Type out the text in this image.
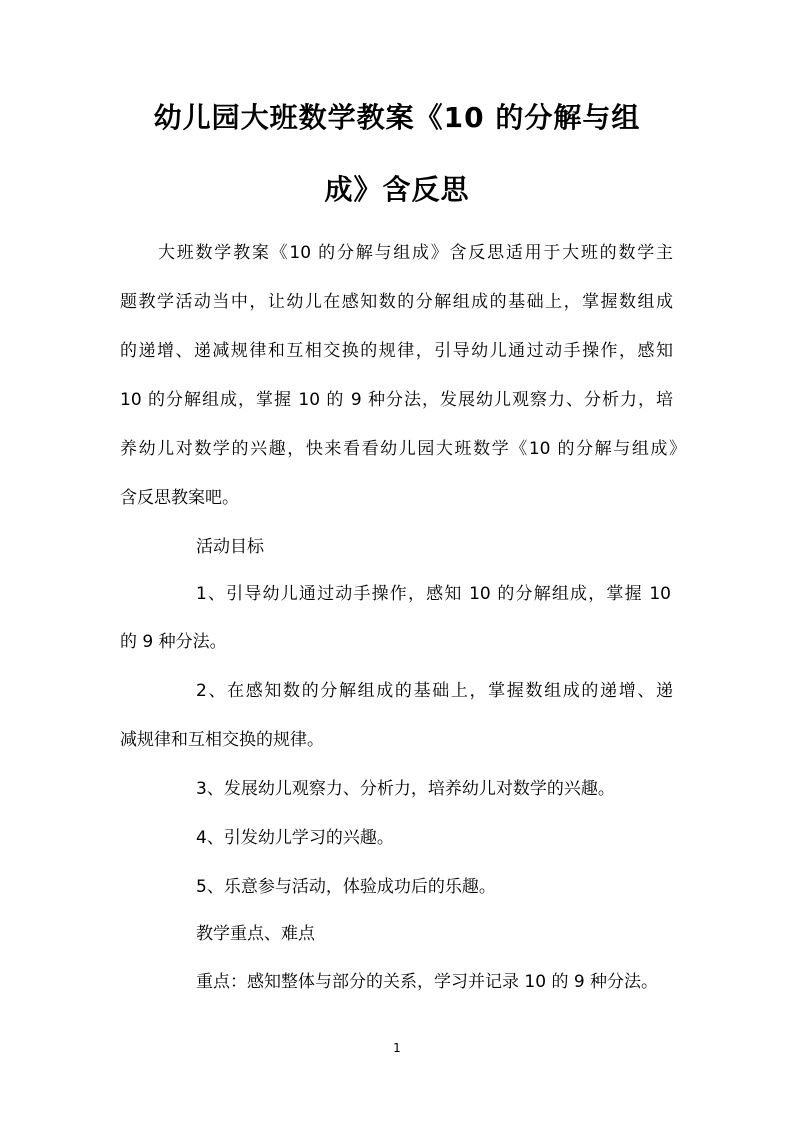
幼儿园大班数学教案《10 的分解与组
成》含反思
大班数学教案《10 的分解与组成》含反思适用于大班的数学主
题教学活动当中，让幼儿在感知数的分解组成的基础上，掌握数组成
的递增、递减规律和互相交换的规律，引导幼儿通过动手操作，感知
10 的分解组成，掌握 10 的 9 种分法，发展幼儿观察力、分析力，培
养幼儿对数学的兴趣，快来看看幼儿园大班数学《10 的分解与组成》
含反思教案吧。
活动目标
1、引导幼儿通过动手操作，感知 10 的分解组成，掌握 10
的 9 种分法。
2、在感知数的分解组成的基础上，掌握数组成的递增、递
减规律和互相交换的规律。
3、发展幼儿观察力、分析力，培养幼儿对数学的兴趣。
4、引发幼儿学习的兴趣。
5、乐意参与活动，体验成功后的乐趣。
教学重点、难点
重点：感知整体与部分的关系，学习并记录 10 的 9 种分法。
1
